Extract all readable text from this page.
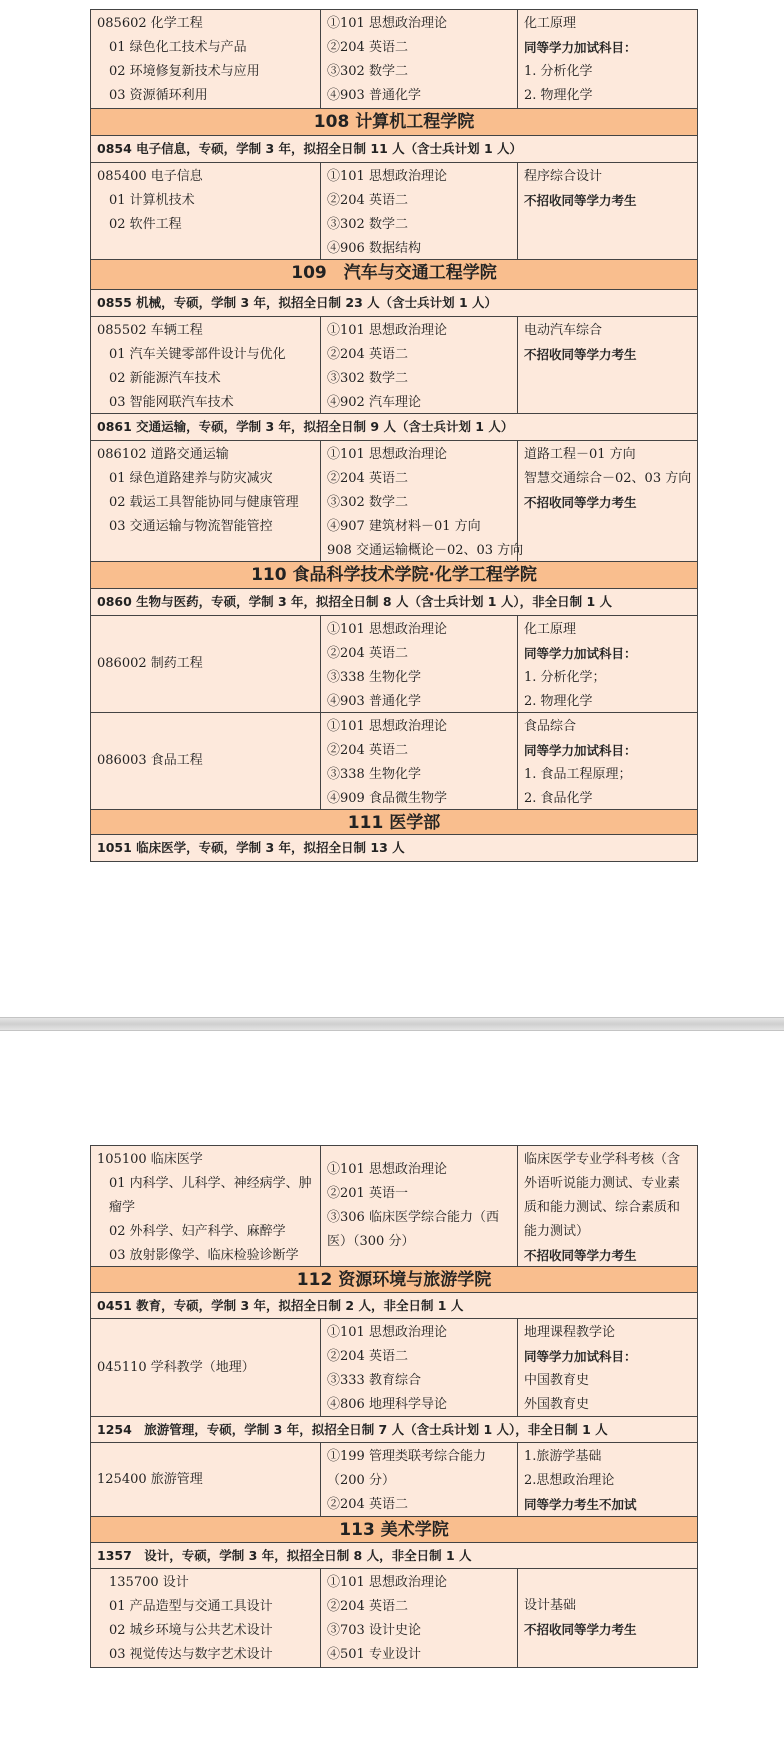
085602 化学工程
01 绿色化工技术与产品
02 环境修复新技术与应用
03 资源循环利用
①101 思想政治理论
②204 英语二
③302 数学二
④903 普通化学
化工原理
同等学力加试科目：
1. 分析化学
2. 物理化学
108 计算机工程学院
0854 电子信息，专硕，学制 3 年，拟招全日制 11 人（含士兵计划 1 人）
085400 电子信息
01 计算机技术
02 软件工程
①101 思想政治理论
②204 英语二
③302 数学二
④906 数据结构
程序综合设计
不招收同等学力考生
109　汽车与交通工程学院
0855 机械，专硕，学制 3 年，拟招全日制 23 人（含士兵计划 1 人）
085502 车辆工程
01 汽车关键零部件设计与优化
02 新能源汽车技术
03 智能网联汽车技术
①101 思想政治理论
②204 英语二
③302 数学二
④902 汽车理论
电动汽车综合
不招收同等学力考生
0861 交通运输，专硕，学制 3 年，拟招全日制 9 人（含士兵计划 1 人）
086102 道路交通运输
01 绿色道路建养与防灾减灾
02 载运工具智能协同与健康管理
03 交通运输与物流智能管控
①101 思想政治理论
②204 英语二
③302 数学二
④907 建筑材料－01 方向
908 交通运输概论－02、03 方向
道路工程－01 方向
智慧交通综合－02、03 方向
不招收同等学力考生
110 食品科学技术学院·化学工程学院
0860 生物与医药，专硕，学制 3 年，拟招全日制 8 人（含士兵计划 1 人），非全日制 1 人
086002 制药工程
①101 思想政治理论
②204 英语二
③338 生物化学
④903 普通化学
化工原理
同等学力加试科目：
1. 分析化学；
2. 物理化学
086003 食品工程
①101 思想政治理论
②204 英语二
③338 生物化学
④909 食品微生物学
食品综合
同等学力加试科目：
1. 食品工程原理；
2. 食品化学
111 医学部
1051 临床医学，专硕，学制 3 年，拟招全日制 13 人
105100 临床医学
01 内科学、儿科学、神经病学、肿瘤学
02 外科学、妇产科学、麻醉学
03 放射影像学、临床检验诊断学
①101 思想政治理论
②201 英语一
③306 临床医学综合能力（西医）（300 分）
临床医学专业学科考核（含外语听说能力测试、专业素质和能力测试、综合素质和能力测试）
不招收同等学力考生
112 资源环境与旅游学院
0451 教育，专硕，学制 3 年，拟招全日制 2 人，非全日制 1 人
045110 学科教学（地理）
①101 思想政治理论
②204 英语二
③333 教育综合
④806 地理科学导论
地理课程教学论
同等学力加试科目：
中国教育史
外国教育史
1254　旅游管理，专硕，学制 3 年，拟招全日制 7 人（含士兵计划 1 人），非全日制 1 人
125400 旅游管理
①199 管理类联考综合能力（200 分）
②204 英语二
1.旅游学基础
2.思想政治理论
同等学力考生不加试
113 美术学院
1357　设计，专硕，学制 3 年，拟招全日制 8 人，非全日制 1 人
135700 设计
01 产品造型与交通工具设计
02 城乡环境与公共艺术设计
03 视觉传达与数字艺术设计
①101 思想政治理论
②204 英语二
③703 设计史论
④501 专业设计
设计基础
不招收同等学力考生
